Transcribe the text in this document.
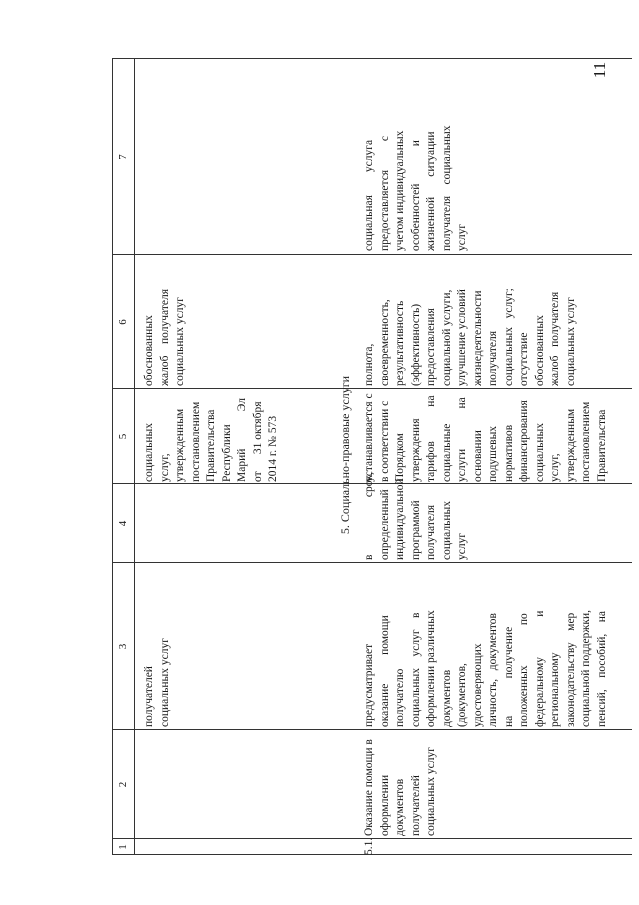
11
1
2
3
4
5
6
7
получателей
социальных услуг
социальных
услуг,
утвержденным
постановлением
Правительства
Республики
Марий             Эл
от      31 октября
2014 г. № 573
обоснованных
жалоб    получателя
социальных услуг
5. Социально-правовые услуги
5.1.
Оказание помощи в
оформлении
документов
получателей
социальных услуг
предусматривает
оказание          помощи
получателю
социальных    услуг    в
оформлении различных
документов
(документов,
удостоверяющих
личность,   документов
на             получение
положенных              по
федеральному              и
региональному
законодательству    мер
социальной поддержки,
пенсий,    пособий,    на
в                    срок,
определенный
индивидуальной
программой
получателя
социальных
услуг
устанавливается с
в соответствии с
Порядком
утверждения
тарифов            на
социальные
услуги              на
основании
подушевых
нормативов
финансирования
социальных
услуг,
утвержденным
постановлением
Правительства
полнота,
своевременность,
результативность
(эффективность)
предоставления
социальной услуги,
улучшение условий
жизнедеятельности
получателя
социальных   услуг;
отсутствие
обоснованных
жалоб   получателя
социальных услуг
социальная        услуга
предоставляется          с
учетом индивидуальных
особенностей             и
жизненной       ситуации
получателя    социальных
услуг
